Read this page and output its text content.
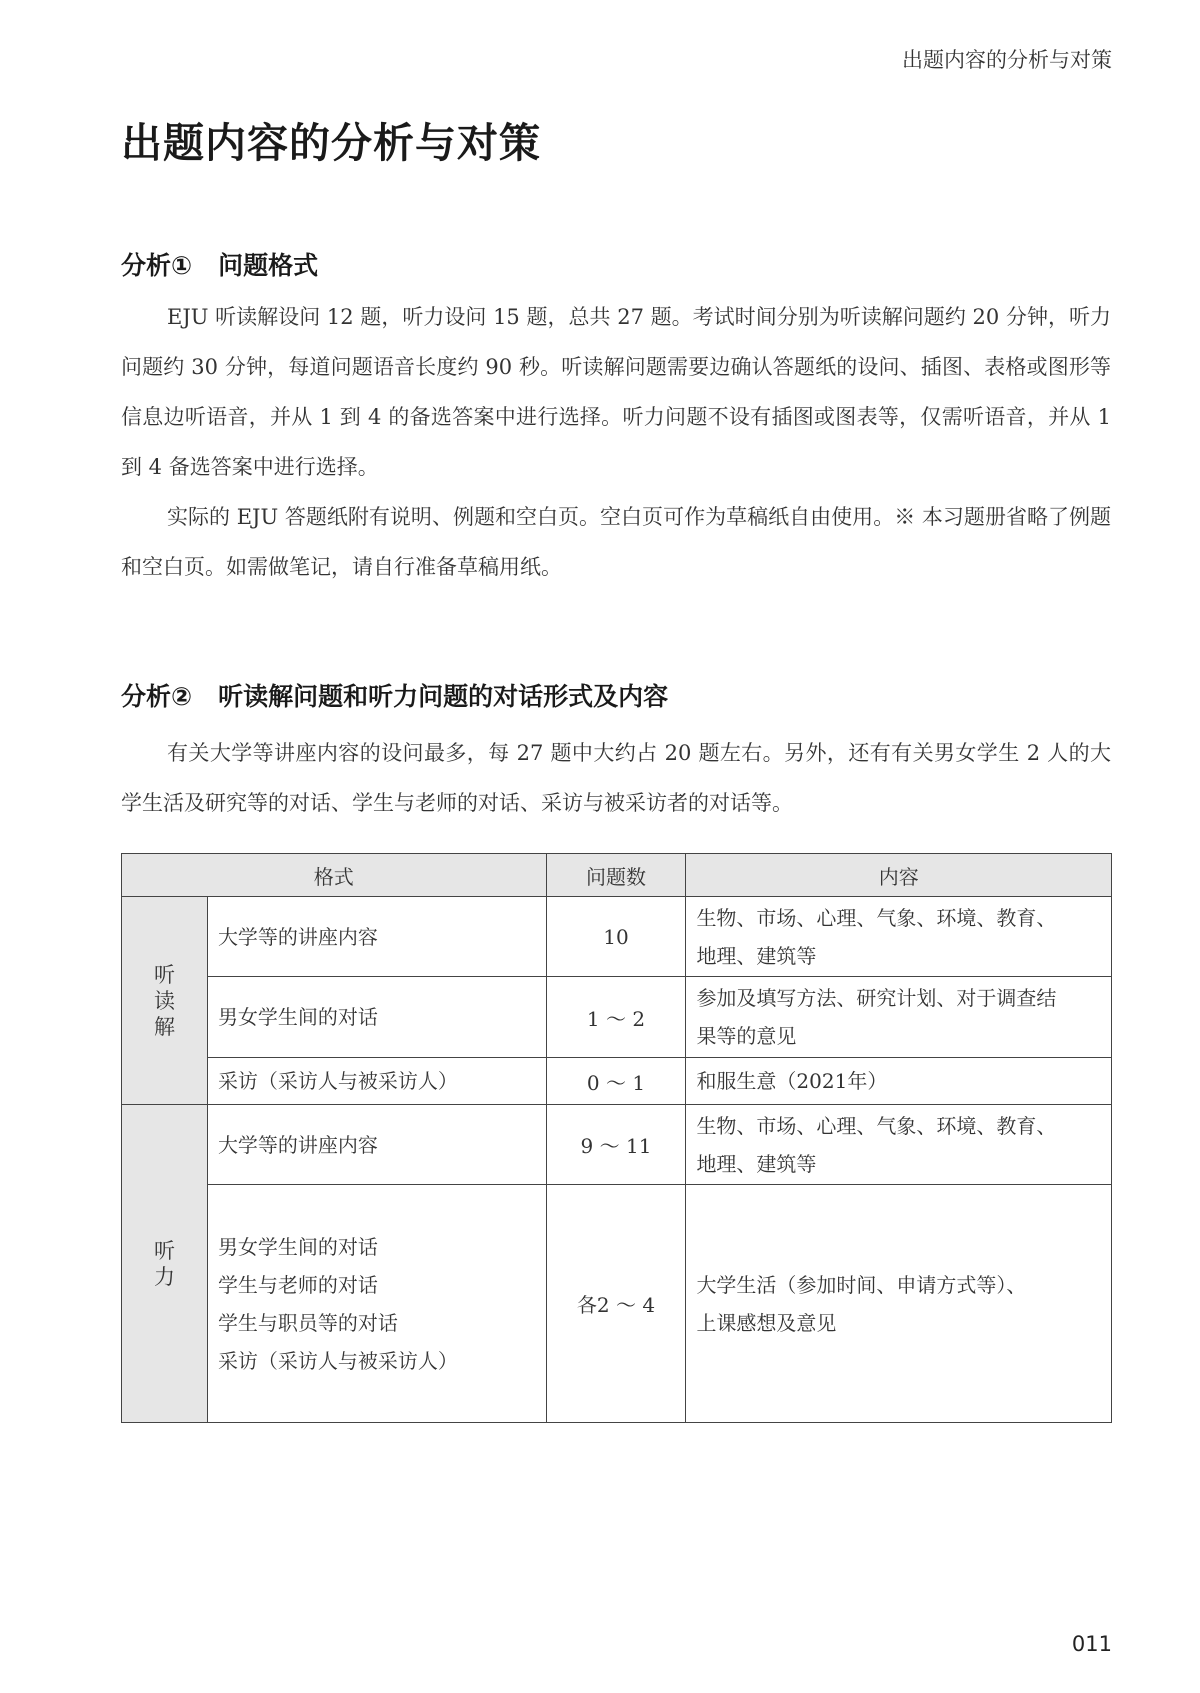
出题内容的分析与对策
出题内容的分析与对策
分析① 问题格式

EJU 听读解设问 12 题，听力设问 15 题，总共 27 题。考试时间分别为听读解问题约 20 分钟，听力问题约 30 分钟，每道问题语音长度约 90 秒。听读解问题需要边确认答题纸的设问、插图、表格或图形等信息边听语音，并从 1 到 4 的备选答案中进行选择。听力问题不设有插图或图表等，仅需听语音，并从 1 到 4 备选答案中进行选择。

实际的 EJU 答题纸附有说明、例题和空白页。空白页可作为草稿纸自由使用。※ 本习题册省略了例题和空白页。如需做笔记，请自行准备草稿用纸。

分析② 听读解问题和听力问题的对话形式及内容

有关大学等讲座内容的设问最多，每 27 题中大约占 20 题左右。另外，还有有关男女学生 2 人的大学生活及研究等的对话、学生与老师的对话、采访与被采访者的对话等。

格式		问题数	内容
听读解	大学等的讲座内容	10	生物、市场、心理、气象、环境、教育、
地理、建筑等
	男女学生间的对话	1 ～ 2	参加及填写方法、研究计划、对于调查结
果等的意见
	采访（采访人与被采访人）	0 ～ 1	和服生意（2021年）
听力	大学等的讲座内容	9 ～ 11	生物、市场、心理、气象、环境、教育、
地理、建筑等
	男女学生间的对话
学生与老师的对话
学生与职员等的对话
采访（采访人与被采访人）	各2 ～ 4	大学生活（参加时间、申请方式等）、
上课感想及意见
011
